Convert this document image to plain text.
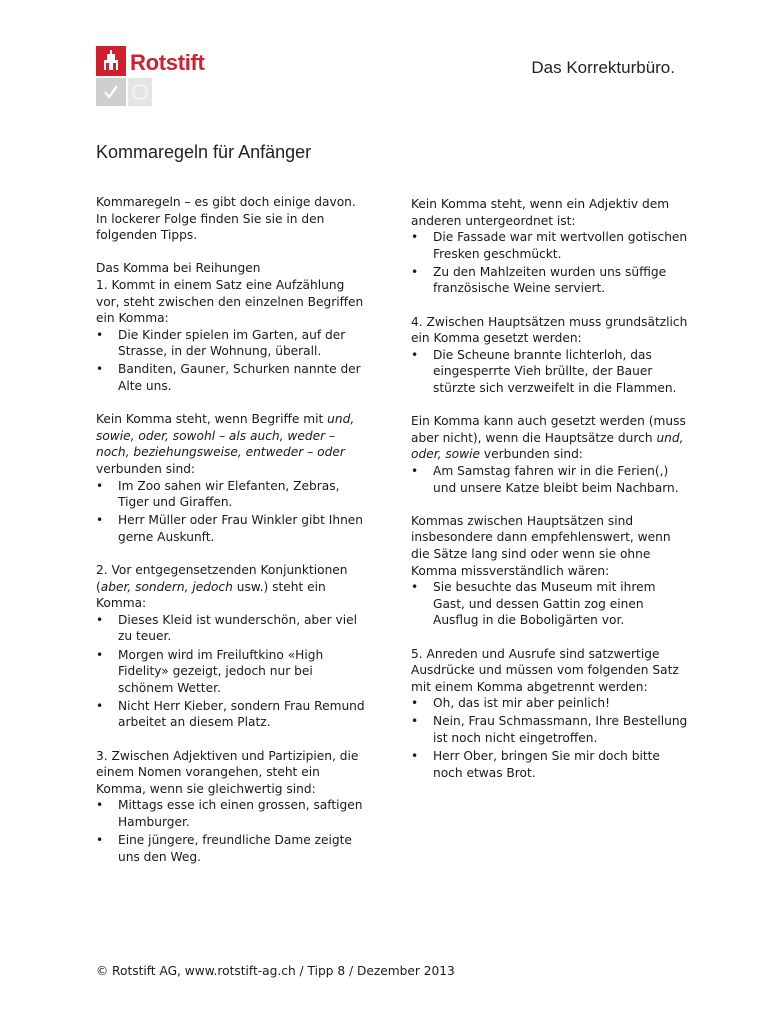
Rotstift	Das Korrekturbüro.
Kommaregeln für Anfänger

Kommaregeln – es gibt doch einige davon. In lockerer Folge finden Sie sie in den folgenden Tipps.

Das Komma bei Reihungen

1. Kommt in einem Satz eine Aufzählung vor, steht zwischen den einzelnen Begriffen ein Komma:

• Die Kinder spielen im Garten, auf der Strasse, in der Wohnung, überall.
• Banditen, Gauner, Schurken nannte der Alte uns.

Kein Komma steht, wenn Begriffe mit und, sowie, oder, sowohl – als auch, weder – noch, beziehungsweise, entweder – oder verbunden sind:

• Im Zoo sahen wir Elefanten, Zebras, Tiger und Giraffen.
• Herr Müller oder Frau Winkler gibt Ihnen gerne Auskunft.

2. Vor entgegensetzenden Konjunktionen (aber, sondern, jedoch usw.) steht ein Komma:

• Dieses Kleid ist wunderschön, aber viel zu teuer.
• Morgen wird im Freiluftkino «High Fidelity» gezeigt, jedoch nur bei schönem Wetter.
• Nicht Herr Kieber, sondern Frau Remund arbeitet an diesem Platz.

3. Zwischen Adjektiven und Partizipien, die einem Nomen vorangehen, steht ein Komma, wenn sie gleichwertig sind:

• Mittags esse ich einen grossen, saftigen Hamburger.
• Eine jüngere, freundliche Dame zeigte uns den Weg.

Kein Komma steht, wenn ein Adjektiv dem anderen untergeordnet ist:

• Die Fassade war mit wertvollen gotischen Fresken geschmückt.
• Zu den Mahlzeiten wurden uns süffige französische Weine serviert.

4. Zwischen Hauptsätzen muss grundsätzlich ein Komma gesetzt werden:

• Die Scheune brannte lichterloh, das eingesperrte Vieh brüllte, der Bauer stürzte sich verzweifelt in die Flammen.

Ein Komma kann auch gesetzt werden (muss aber nicht), wenn die Hauptsätze durch und, oder, sowie verbunden sind:

• Am Samstag fahren wir in die Ferien(,) und unsere Katze bleibt beim Nachbarn.

Kommas zwischen Hauptsätzen sind insbesondere dann empfehlenswert, wenn die Sätze lang sind oder wenn sie ohne Komma missverständlich wären:

• Sie besuchte das Museum mit ihrem Gast, und dessen Gattin zog einen Ausflug in die Boboligärten vor.

5. Anreden und Ausrufe sind satzwertige Ausdrücke und müssen vom folgenden Satz mit einem Komma abgetrennt werden:

• Oh, das ist mir aber peinlich!
• Nein, Frau Schmassmann, Ihre Bestellung ist noch nicht eingetroffen.
• Herr Ober, bringen Sie mir doch bitte noch etwas Brot.
© Rotstift AG, www.rotstift-ag.ch / Tipp 8 / Dezember 2013
